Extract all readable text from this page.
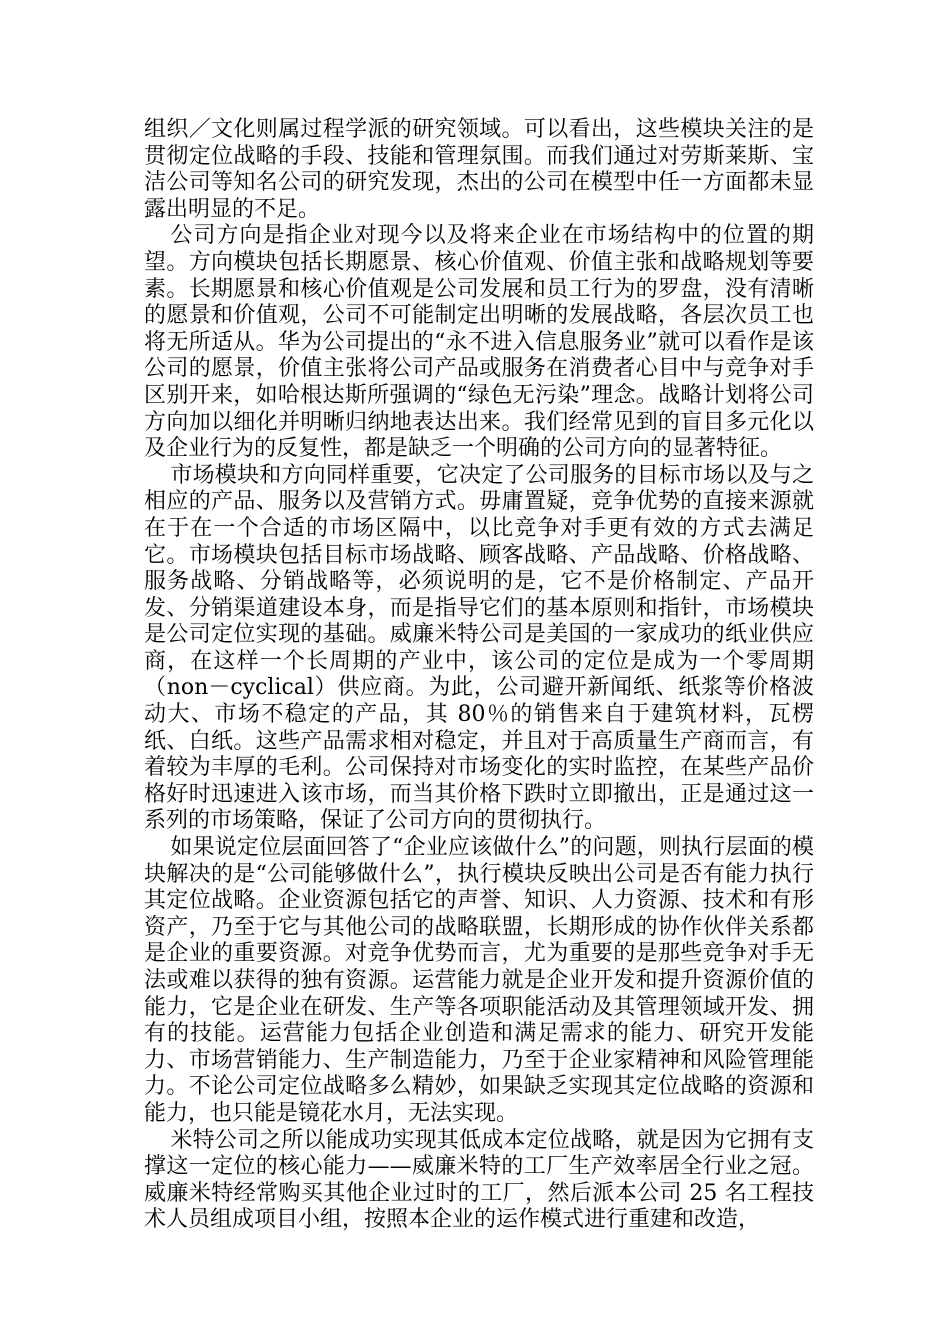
组织／文化则属过程学派的研究领域。可以看出，这些模块关注的是贯彻定位战略的手段、技能和管理氛围。而我们通过对劳斯莱斯、宝洁公司等知名公司的研究发现，杰出的公司在模型中任一方面都未显露出明显的不足。

公司方向是指企业对现今以及将来企业在市场结构中的位置的期望。方向模块包括长期愿景、核心价值观、价值主张和战略规划等要素。长期愿景和核心价值观是公司发展和员工行为的罗盘，没有清晰的愿景和价值观，公司不可能制定出明晰的发展战略，各层次员工也将无所适从。华为公司提出的“永不进入信息服务业”就可以看作是该公司的愿景，价值主张将公司产品或服务在消费者心目中与竞争对手区别开来，如哈根达斯所强调的“绿色无污染”理念。战略计划将公司方向加以细化并明晰归纳地表达出来。我们经常见到的盲目多元化以及企业行为的反复性，都是缺乏一个明确的公司方向的显著特征。

市场模块和方向同样重要，它决定了公司服务的目标市场以及与之相应的产品、服务以及营销方式。毋庸置疑，竞争优势的直接来源就在于在一个合适的市场区隔中，以比竞争对手更有效的方式去满足它。市场模块包括目标市场战略、顾客战略、产品战略、价格战略、服务战略、分销战略等，必须说明的是，它不是价格制定、产品开发、分销渠道建设本身，而是指导它们的基本原则和指针，市场模块是公司定位实现的基础。威廉米特公司是美国的一家成功的纸业供应商，在这样一个长周期的产业中，该公司的定位是成为一个零周期（non－cyclical）供应商。为此，公司避开新闻纸、纸浆等价格波动大、市场不稳定的产品，其 80％的销售来自于建筑材料，瓦楞纸、白纸。这些产品需求相对稳定，并且对于高质量生产商而言，有着较为丰厚的毛利。公司保持对市场变化的实时监控，在某些产品价格好时迅速进入该市场，而当其价格下跌时立即撤出，正是通过这一系列的市场策略，保证了公司方向的贯彻执行。

如果说定位层面回答了“企业应该做什么”的问题，则执行层面的模块解决的是“公司能够做什么”，执行模块反映出公司是否有能力执行其定位战略。企业资源包括它的声誉、知识、人力资源、技术和有形资产，乃至于它与其他公司的战略联盟，长期形成的协作伙伴关系都是企业的重要资源。对竞争优势而言，尤为重要的是那些竞争对手无法或难以获得的独有资源。运营能力就是企业开发和提升资源价值的能力，它是企业在研发、生产等各项职能活动及其管理领域开发、拥有的技能。运营能力包括企业创造和满足需求的能力、研究开发能力、市场营销能力、生产制造能力，乃至于企业家精神和风险管理能力。不论公司定位战略多么精妙，如果缺乏实现其定位战略的资源和能力，也只能是镜花水月，无法实现。

米特公司之所以能成功实现其低成本定位战略，就是因为它拥有支撑这一定位的核心能力——威廉米特的工厂生产效率居全行业之冠。威廉米特经常购买其他企业过时的工厂，然后派本公司 25 名工程技术人员组成项目小组，按照本企业的运作模式进行重建和改造，
